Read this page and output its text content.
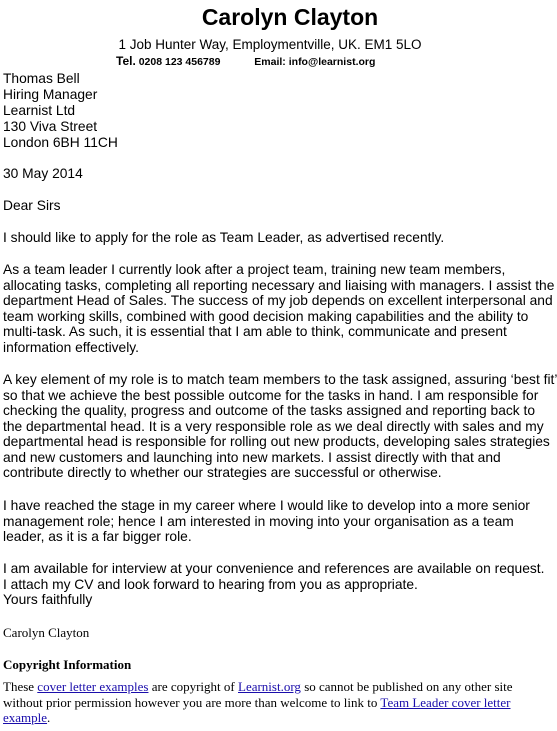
Carolyn Clayton
1 Job Hunter Way, Employmentville, UK. EM1 5LO
Tel. 0208 123 456789	Email: info@learnist.org
Thomas Bell
Hiring Manager
Learnist Ltd
130 Viva Street
London 6BH 11CH
30 May 2014
Dear Sirs
I should like to apply for the role as Team Leader, as advertised recently.

As a team leader I currently look after a project team, training new team members,

allocating tasks, completing all reporting necessary and liaising with managers. I assist the

department Head of Sales. The success of my job depends on excellent interpersonal and

team working skills, combined with good decision making capabilities and the ability to

multi-task. As such, it is essential that I am able to think, communicate and present

information effectively.

A key element of my role is to match team members to the task assigned, assuring ‘best fit’

so that we achieve the best possible outcome for the tasks in hand. I am responsible for

checking the quality, progress and outcome of the tasks assigned and reporting back to

the departmental head. It is a very responsible role as we deal directly with sales and my

departmental head is responsible for rolling out new products, developing sales strategies

and new customers and launching into new markets. I assist directly with that and

contribute directly to whether our strategies are successful or otherwise.

I have reached the stage in my career where I would like to develop into a more senior

management role; hence I am interested in moving into your organisation as a team

leader, as it is a far bigger role.

I am available for interview at your convenience and references are available on request.

I attach my CV and look forward to hearing from you as appropriate.

Yours faithfully

Carolyn Clayton
Copyright Information
These cover letter examples are copyright of Learnist.org so cannot be published on any other site without prior permission however you are more than welcome to link to Team Leader cover letter example.
